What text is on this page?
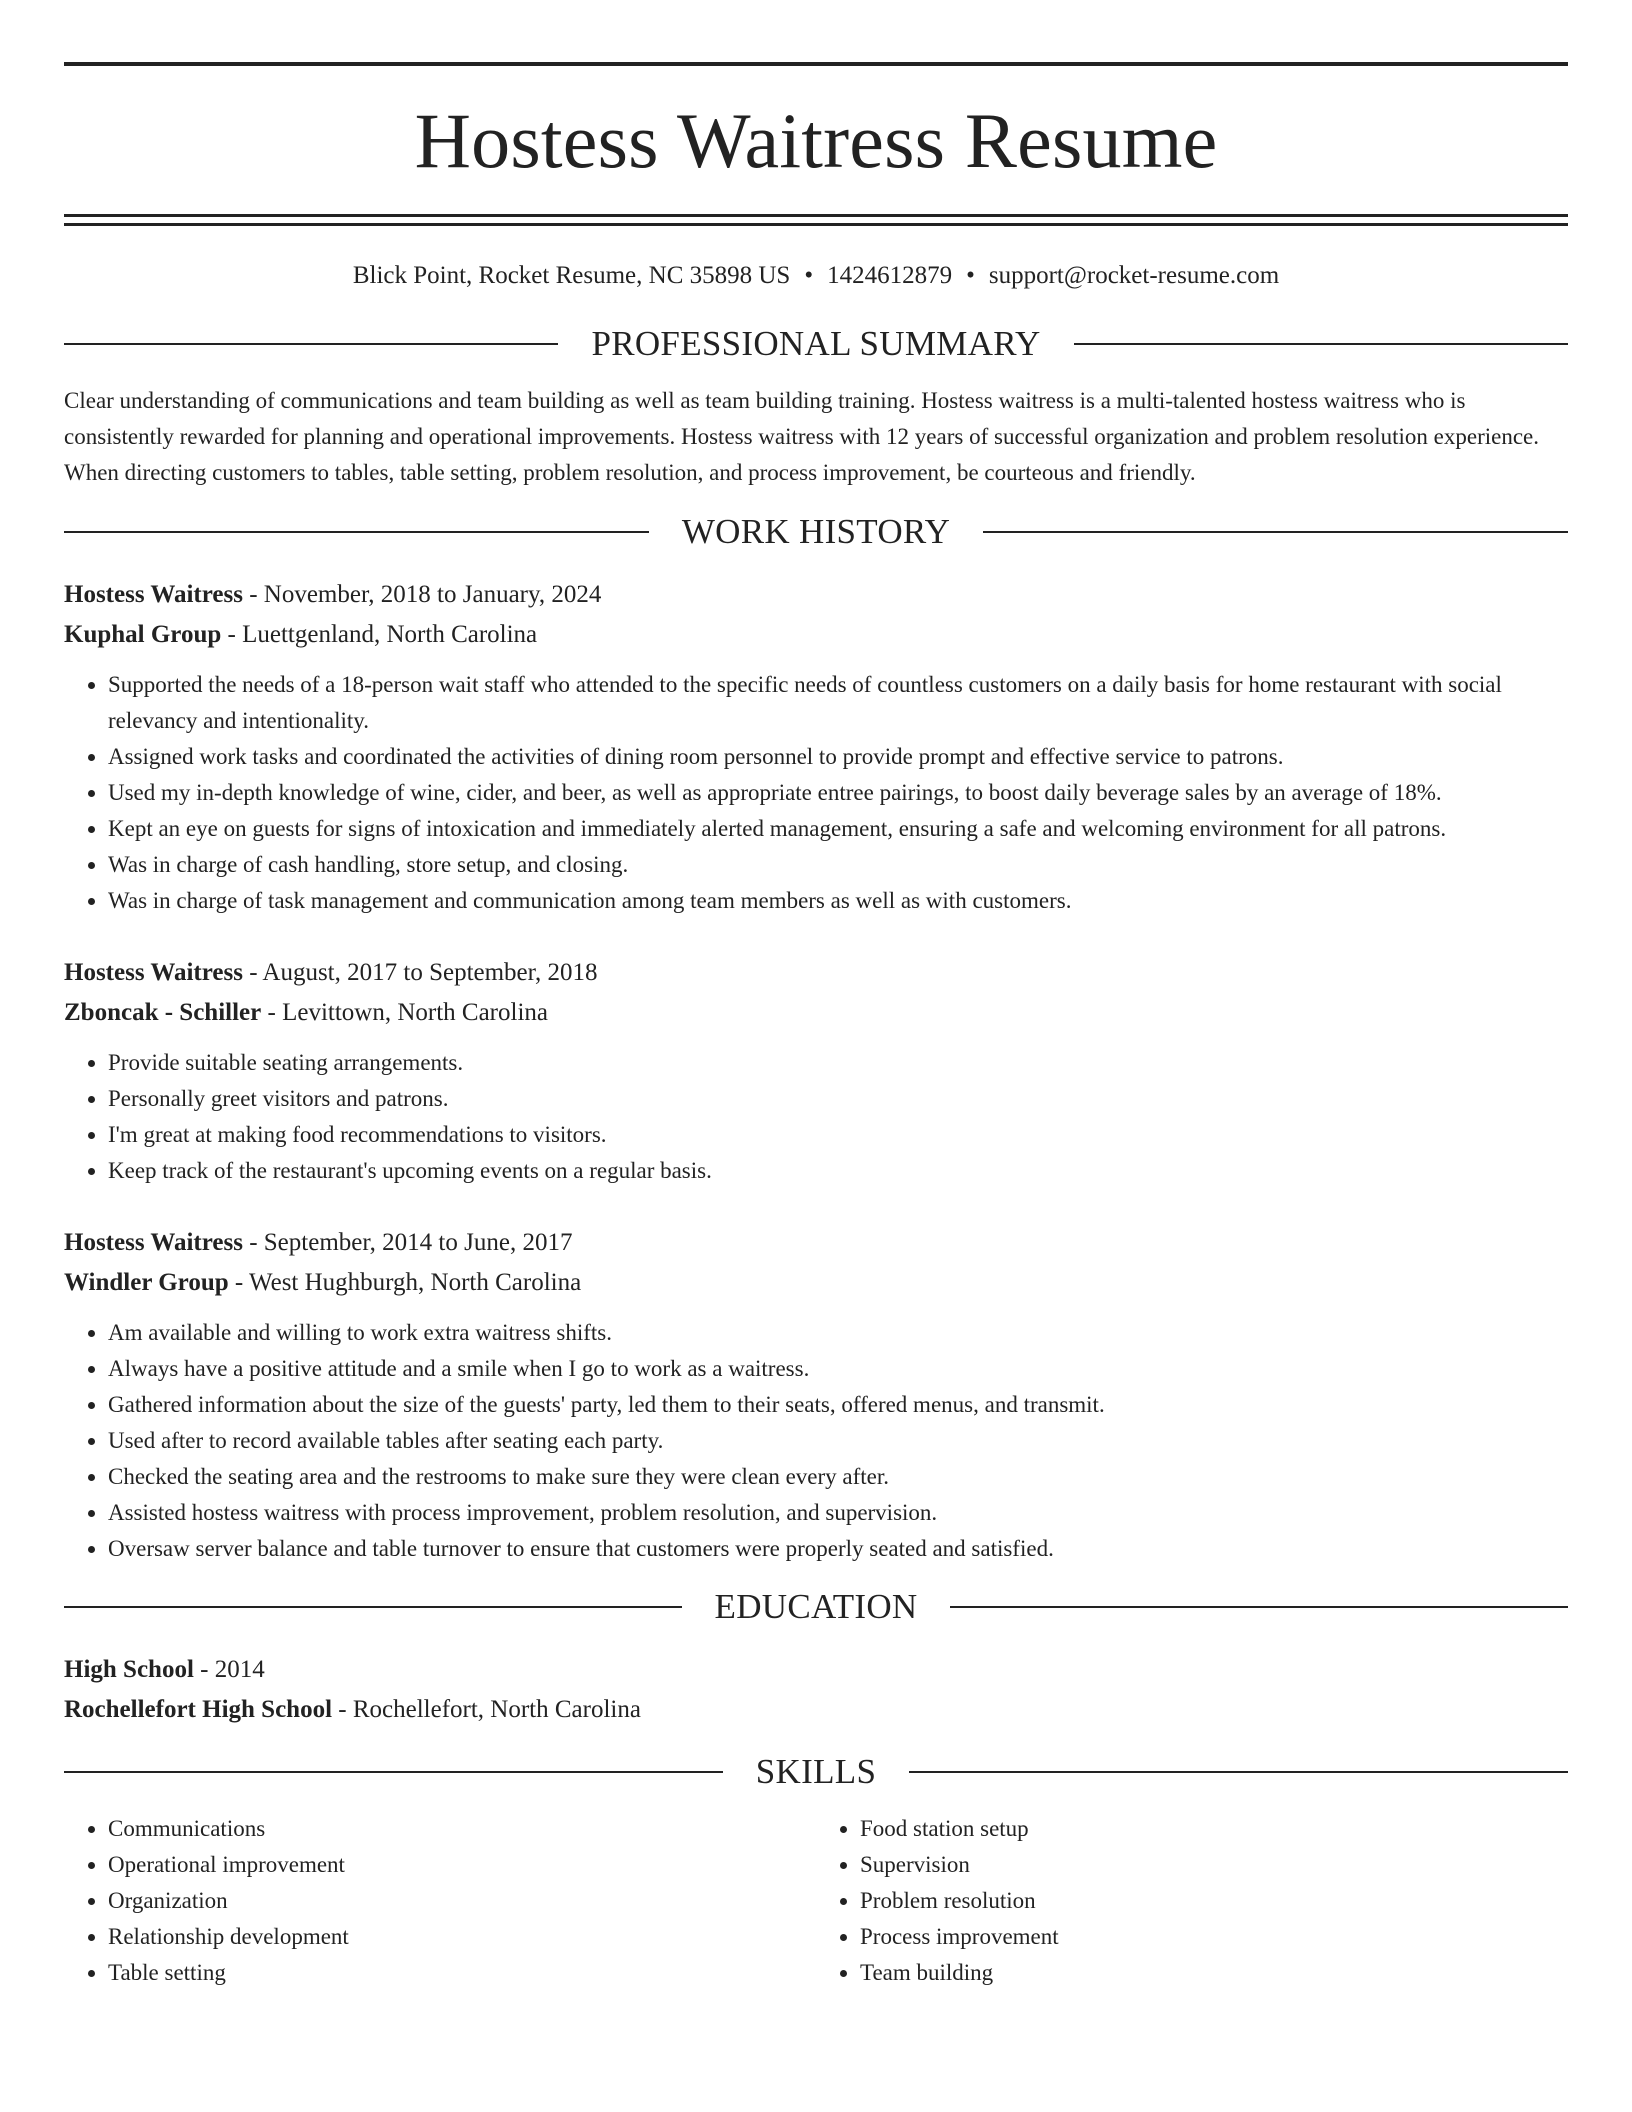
Hostess Waitress Resume
Blick Point, Rocket Resume, NC 35898 US • 1424612879 • support@rocket-resume.com
PROFESSIONAL SUMMARY

Clear understanding of communications and team building as well as team building training. Hostess waitress is a multi-talented hostess waitress who is consistently rewarded for planning and operational improvements. Hostess waitress with 12 years of successful organization and problem resolution experience. When directing customers to tables, table setting, problem resolution, and process improvement, be courteous and friendly.

WORK HISTORY
Hostess Waitress - November, 2018 to January, 2024
Kuphal Group - Luettgenland, North Carolina
• Supported the needs of a 18-person wait staff who attended to the specific needs of countless customers on a daily basis for home restaurant with social relevancy and intentionality.
• Assigned work tasks and coordinated the activities of dining room personnel to provide prompt and effective service to patrons.
• Used my in-depth knowledge of wine, cider, and beer, as well as appropriate entree pairings, to boost daily beverage sales by an average of 18%.
• Kept an eye on guests for signs of intoxication and immediately alerted management, ensuring a safe and welcoming environment for all patrons.
• Was in charge of cash handling, store setup, and closing.
• Was in charge of task management and communication among team members as well as with customers.
Hostess Waitress - August, 2017 to September, 2018
Zboncak - Schiller - Levittown, North Carolina
• Provide suitable seating arrangements.
• Personally greet visitors and patrons.
• I'm great at making food recommendations to visitors.
• Keep track of the restaurant's upcoming events on a regular basis.
Hostess Waitress - September, 2014 to June, 2017
Windler Group - West Hughburgh, North Carolina
• Am available and willing to work extra waitress shifts.
• Always have a positive attitude and a smile when I go to work as a waitress.
• Gathered information about the size of the guests' party, led them to their seats, offered menus, and transmit.
• Used after to record available tables after seating each party.
• Checked the seating area and the restrooms to make sure they were clean every after.
• Assisted hostess waitress with process improvement, problem resolution, and supervision.
• Oversaw server balance and table turnover to ensure that customers were properly seated and satisfied.
EDUCATION
High School - 2014
Rochellefort High School - Rochellefort, North Carolina
SKILLS
• Communications
• Operational improvement
• Organization
• Relationship development
• Table setting
• Food station setup
• Supervision
• Problem resolution
• Process improvement
• Team building
